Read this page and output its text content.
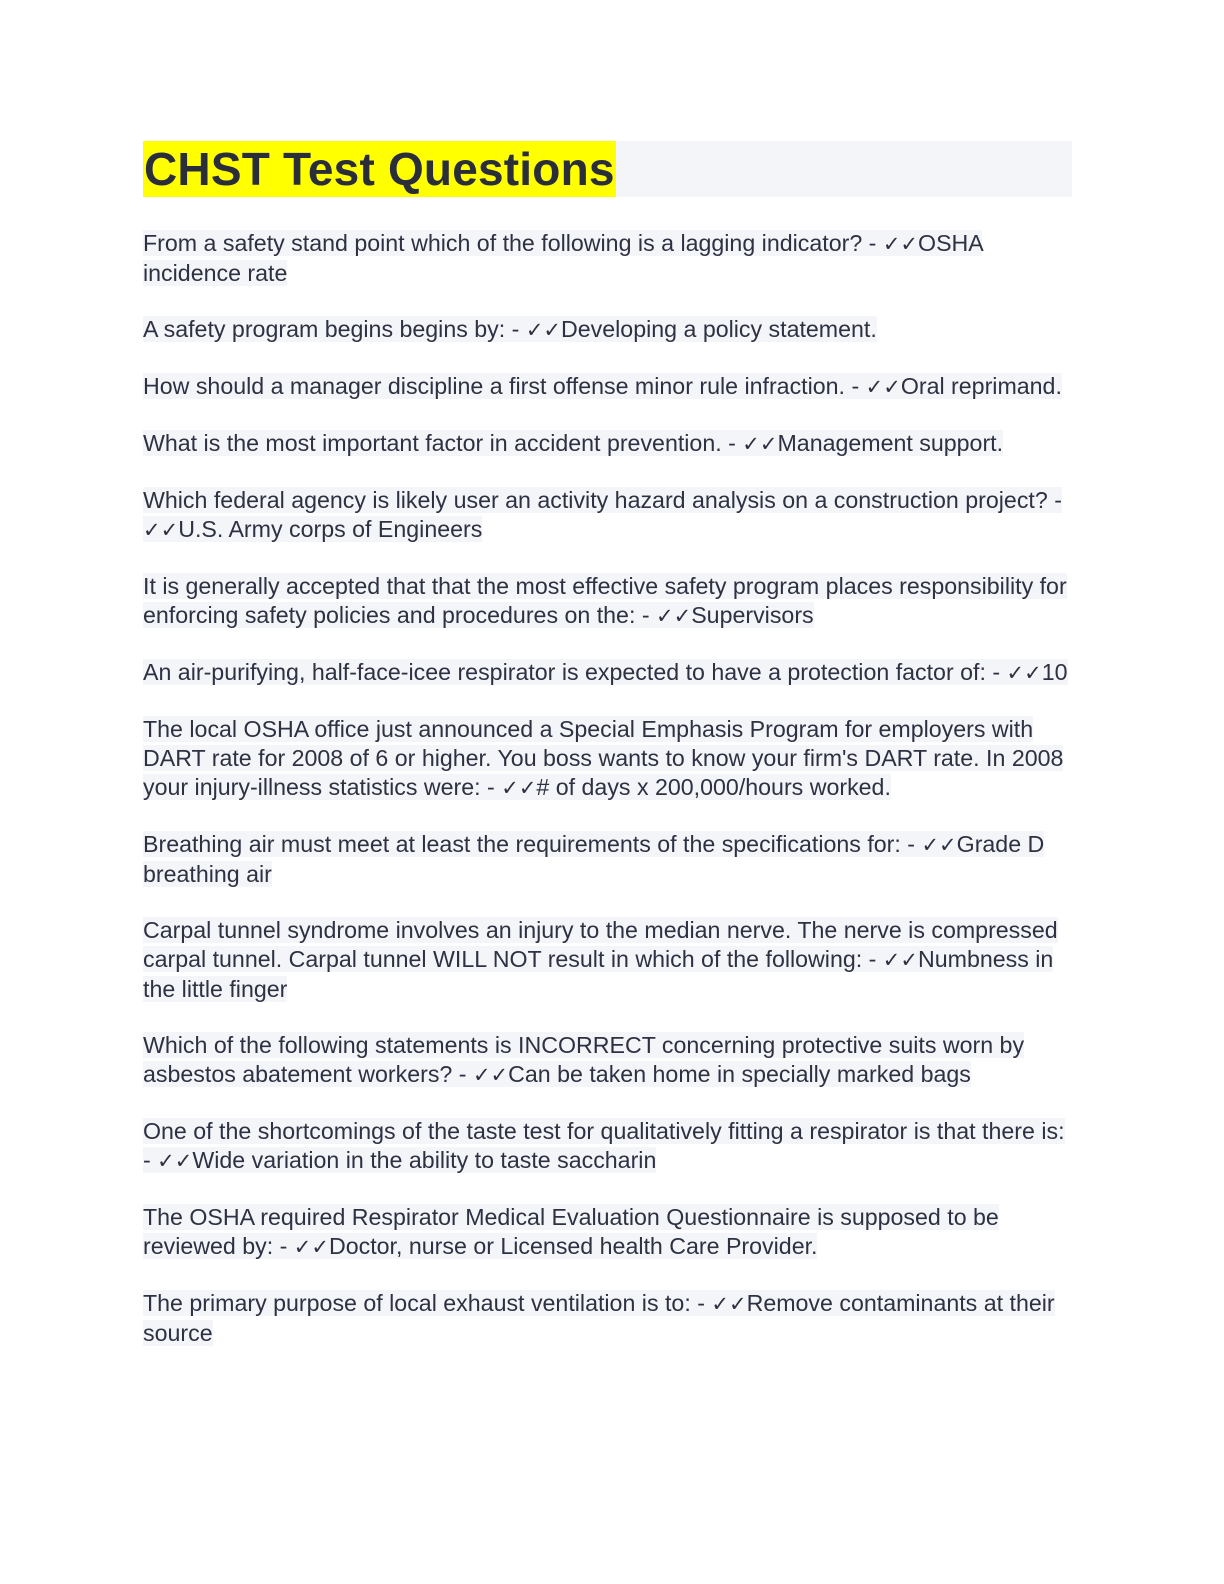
CHST Test Questions
From a safety stand point which of the following is a lagging indicator? - ✓✓OSHA incidence rate
A safety program begins begins by: - ✓✓Developing a policy statement.
How should a manager discipline a first offense minor rule infraction. - ✓✓Oral reprimand.
What is the most important factor in accident prevention. - ✓✓Management support.
Which federal agency is likely user an activity hazard analysis on a construction project? - ✓✓U.S. Army corps of Engineers
It is generally accepted that that the most effective safety program places responsibility for enforcing safety policies and procedures on the: - ✓✓Supervisors
An air-purifying, half-face-icee respirator is expected to have a protection factor of: - ✓✓10
The local OSHA office just announced a Special Emphasis Program for employers with DART rate for 2008 of 6 or higher. You boss wants to know your firm's DART rate. In 2008 your injury-illness statistics were: - ✓✓# of days x 200,000/hours worked.
Breathing air must meet at least the requirements of the specifications for: - ✓✓Grade D breathing air
Carpal tunnel syndrome involves an injury to the median nerve. The nerve is compressed carpal tunnel. Carpal tunnel WILL NOT result in which of the following: - ✓✓Numbness in the little finger
Which of the following statements is INCORRECT concerning protective suits worn by asbestos abatement workers? - ✓✓Can be taken home in specially marked bags
One of the shortcomings of the taste test for qualitatively fitting a respirator is that there is: - ✓✓Wide variation in the ability to taste saccharin
The OSHA required Respirator Medical Evaluation Questionnaire is supposed to be reviewed by: - ✓✓Doctor, nurse or Licensed health Care Provider.
The primary purpose of local exhaust ventilation is to: - ✓✓Remove contaminants at their source
